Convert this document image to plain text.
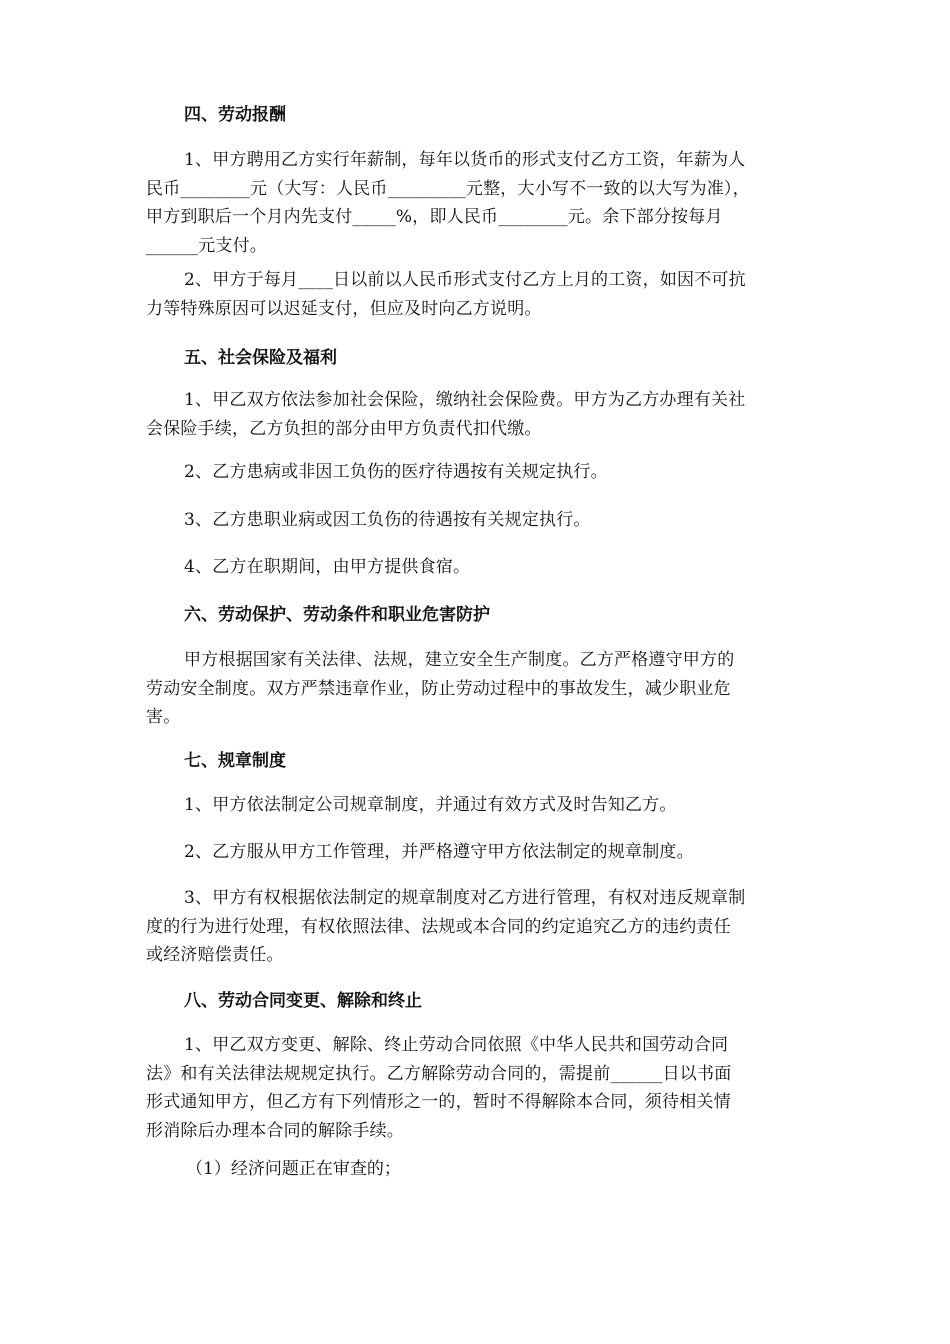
四、劳动报酬
1、甲方聘用乙方实行年薪制，每年以货币的形式支付乙方工资，年薪为人
民币________元（大写：人民币_________元整，大小写不一致的以大写为准），
甲方到职后一个月内先支付_____%，即人民币________元。余下部分按每月
______元支付。
2、甲方于每月____日以前以人民币形式支付乙方上月的工资，如因不可抗
力等特殊原因可以迟延支付，但应及时向乙方说明。
五、社会保险及福利
1、甲乙双方依法参加社会保险，缴纳社会保险费。甲方为乙方办理有关社
会保险手续，乙方负担的部分由甲方负责代扣代缴。
2、乙方患病或非因工负伤的医疗待遇按有关规定执行。
3、乙方患职业病或因工负伤的待遇按有关规定执行。
4、乙方在职期间，由甲方提供食宿。
六、劳动保护、劳动条件和职业危害防护
甲方根据国家有关法律、法规，建立安全生产制度。乙方严格遵守甲方的
劳动安全制度。双方严禁违章作业，防止劳动过程中的事故发生，减少职业危
害。
七、规章制度
1、甲方依法制定公司规章制度，并通过有效方式及时告知乙方。
2、乙方服从甲方工作管理，并严格遵守甲方依法制定的规章制度。
3、甲方有权根据依法制定的规章制度对乙方进行管理，有权对违反规章制
度的行为进行处理，有权依照法律、法规或本合同的约定追究乙方的违约责任
或经济赔偿责任。
八、劳动合同变更、解除和终止
1、甲乙双方变更、解除、终止劳动合同依照《中华人民共和国劳动合同
法》和有关法律法规规定执行。乙方解除劳动合同的，需提前______日以书面
形式通知甲方，但乙方有下列情形之一的，暂时不得解除本合同，须待相关情
形消除后办理本合同的解除手续。
（1）经济问题正在审查的；
